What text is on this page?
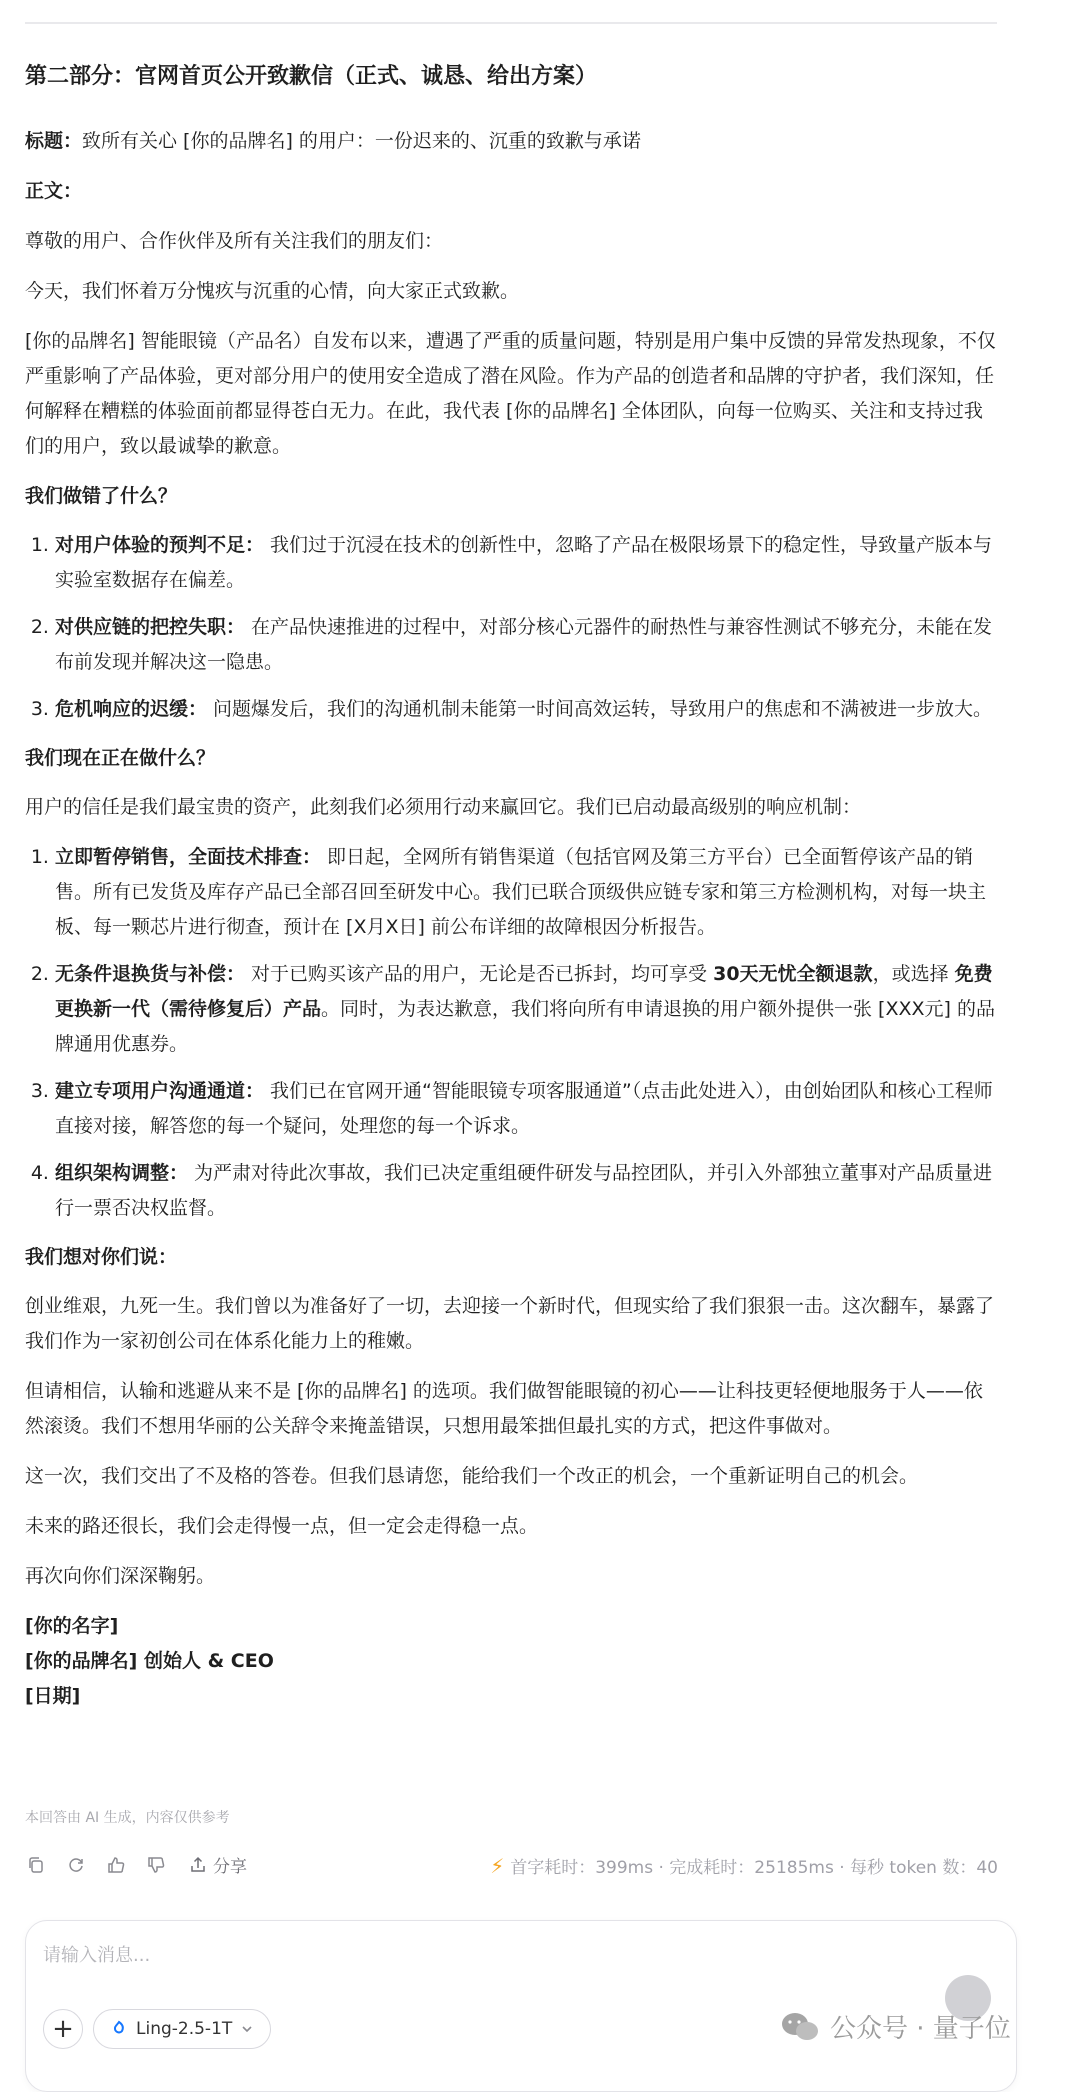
第二部分：官网首页公开致歉信（正式、诚恳、给出方案）

标题：致所有关心 [你的品牌名] 的用户：一份迟来的、沉重的致歉与承诺

正文：

尊敬的用户、合作伙伴及所有关注我们的朋友们：

今天，我们怀着万分愧疚与沉重的心情，向大家正式致歉。

[你的品牌名] 智能眼镜（产品名）自发布以来，遭遇了严重的质量问题，特别是用户集中反馈的异常发热现象，不仅严重影响了产品体验，更对部分用户的使用安全造成了潜在风险。作为产品的创造者和品牌的守护者，我们深知，任何解释在糟糕的体验面前都显得苍白无力。在此，我代表 [你的品牌名] 全体团队，向每一位购买、关注和支持过我们的用户，致以最诚挚的歉意。

我们做错了什么？
1. 对用户体验的预判不足： 我们过于沉浸在技术的创新性中，忽略了产品在极限场景下的稳定性，导致量产版本与实验室数据存在偏差。
2. 对供应链的把控失职： 在产品快速推进的过程中，对部分核心元器件的耐热性与兼容性测试不够充分，未能在发布前发现并解决这一隐患。
3. 危机响应的迟缓： 问题爆发后，我们的沟通机制未能第一时间高效运转，导致用户的焦虑和不满被进一步放大。
我们现在正在做什么？

用户的信任是我们最宝贵的资产，此刻我们必须用行动来赢回它。我们已启动最高级别的响应机制：

1. 立即暂停销售，全面技术排查： 即日起，全网所有销售渠道（包括官网及第三方平台）已全面暂停该产品的销售。所有已发货及库存产品已全部召回至研发中心。我们已联合顶级供应链专家和第三方检测机构，对每一块主板、每一颗芯片进行彻查，预计在 [X月X日] 前公布详细的故障根因分析报告。
2. 无条件退换货与补偿： 对于已购买该产品的用户，无论是否已拆封，均可享受 30天无忧全额退款，或选择 免费更换新一代（需待修复后）产品。同时，为表达歉意，我们将向所有申请退换的用户额外提供一张 [XXX元] 的品牌通用优惠券。
3. 建立专项用户沟通通道： 我们已在官网开通“智能眼镜专项客服通道”（点击此处进入），由创始团队和核心工程师直接对接，解答您的每一个疑问，处理您的每一个诉求。
4. 组织架构调整： 为严肃对待此次事故，我们已决定重组硬件研发与品控团队，并引入外部独立董事对产品质量进行一票否决权监督。
我们想对你们说：

创业维艰，九死一生。我们曾以为准备好了一切，去迎接一个新时代，但现实给了我们狠狠一击。这次翻车，暴露了我们作为一家初创公司在体系化能力上的稚嫩。

但请相信，认输和逃避从来不是 [你的品牌名] 的选项。我们做智能眼镜的初心——让科技更轻便地服务于人——依然滚烫。我们不想用华丽的公关辞令来掩盖错误，只想用最笨拙但最扎实的方式，把这件事做对。

这一次，我们交出了不及格的答卷。但我们恳请您，能给我们一个改正的机会，一个重新证明自己的机会。

未来的路还很长，我们会走得慢一点，但一定会走得稳一点。

再次向你们深深鞠躬。

[你的名字]

[你的品牌名] 创始人 & CEO

[日期]

本回答由 AI 生成，内容仅供参考
分享	⚡ 首字耗时：399ms · 完成耗时：25185ms · 每秒 token 数：40
请输入消息...
+	Ling-2.5-1T	公众号 · 量子位
